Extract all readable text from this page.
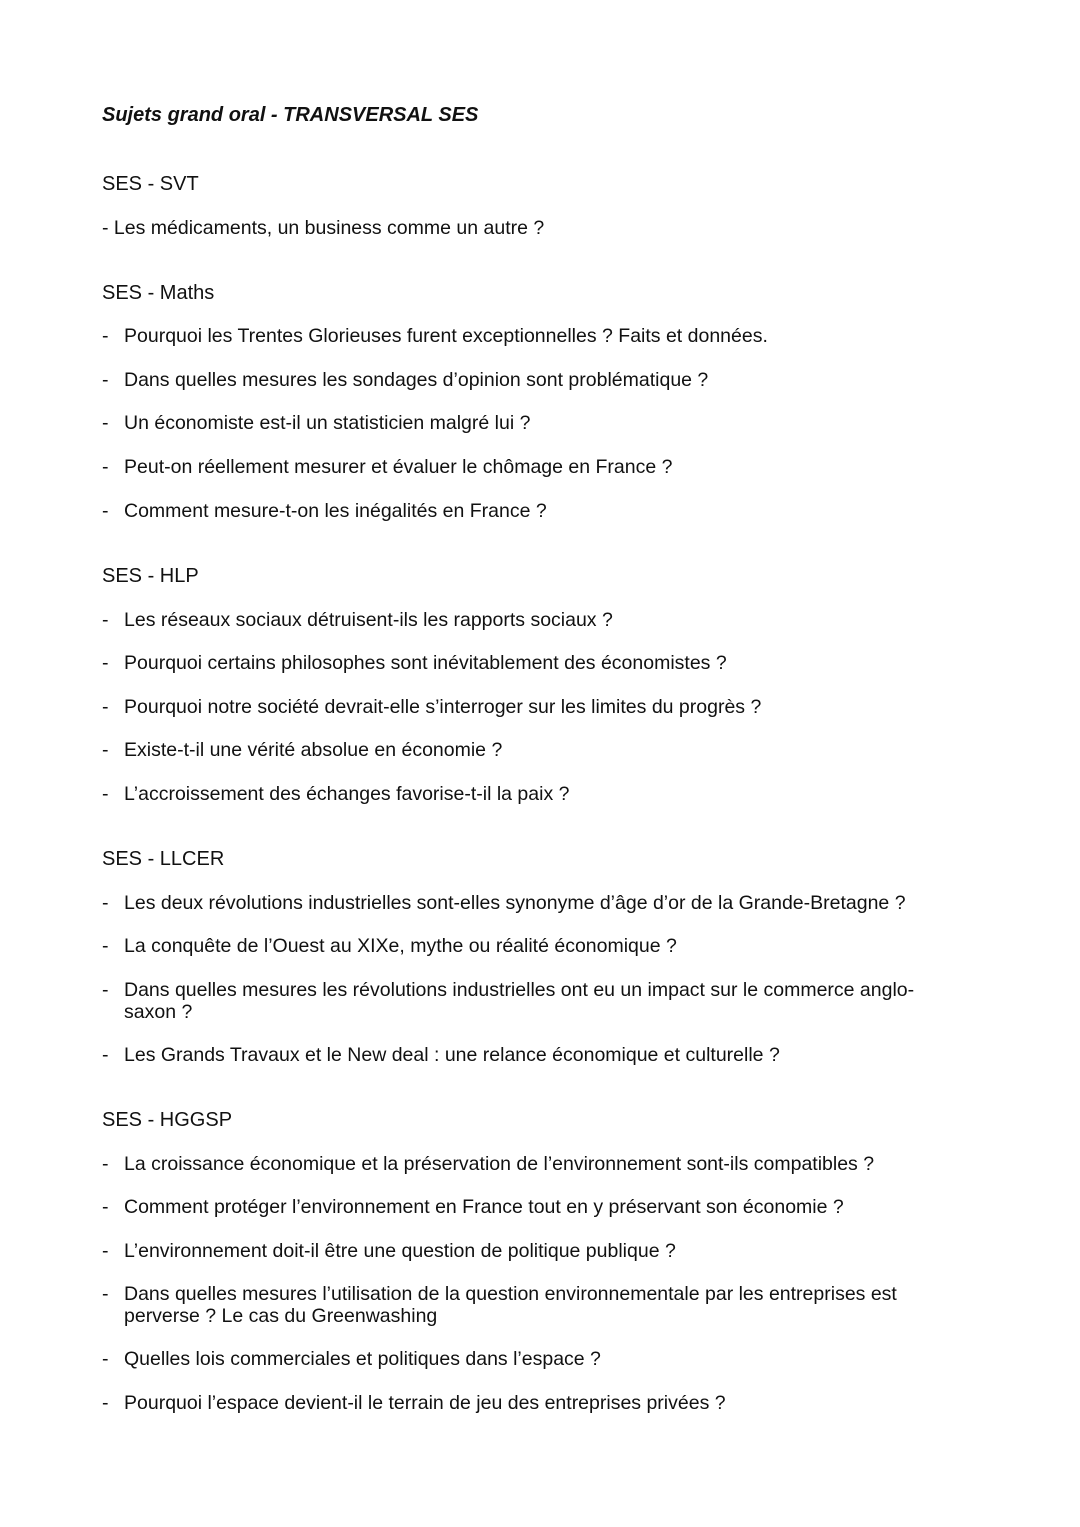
Sujets grand oral - TRANSVERSAL SES
SES - SVT
- Les médicaments, un business comme un autre ?
SES - Maths
- Pourquoi les Trentes Glorieuses furent exceptionnelles ? Faits et données.
- Dans quelles mesures les sondages d’opinion sont problématique ?
- Un économiste est-il un statisticien malgré lui ?
- Peut-on réellement mesurer et évaluer le chômage en France ?
- Comment mesure-t-on les inégalités en France ?
SES - HLP
- Les réseaux sociaux détruisent-ils les rapports sociaux ?
- Pourquoi certains philosophes sont inévitablement des économistes ?
- Pourquoi notre société devrait-elle s’interroger sur les limites du progrès ?
- Existe-t-il une vérité absolue en économie ?
- L’accroissement des échanges favorise-t-il la paix ?
SES - LLCER
- Les deux révolutions industrielles sont-elles synonyme d’âge d’or de la Grande-Bretagne ?
- La conquête de l’Ouest au XIXe, mythe ou réalité économique ?
- Dans quelles mesures les révolutions industrielles ont eu un impact sur le commerce anglo-saxon ?
- Les Grands Travaux et le New deal : une relance économique et culturelle ?
SES - HGGSP
- La croissance économique et la préservation de l’environnement sont-ils compatibles ?
- Comment protéger l’environnement en France tout en y préservant son économie ?
- L’environnement doit-il être une question de politique publique ?
- Dans quelles mesures l’utilisation de la question environnementale par les entreprises est perverse ? Le cas du Greenwashing
- Quelles lois commerciales et politiques dans l’espace ?
- Pourquoi l’espace devient-il le terrain de jeu des entreprises privées ?
